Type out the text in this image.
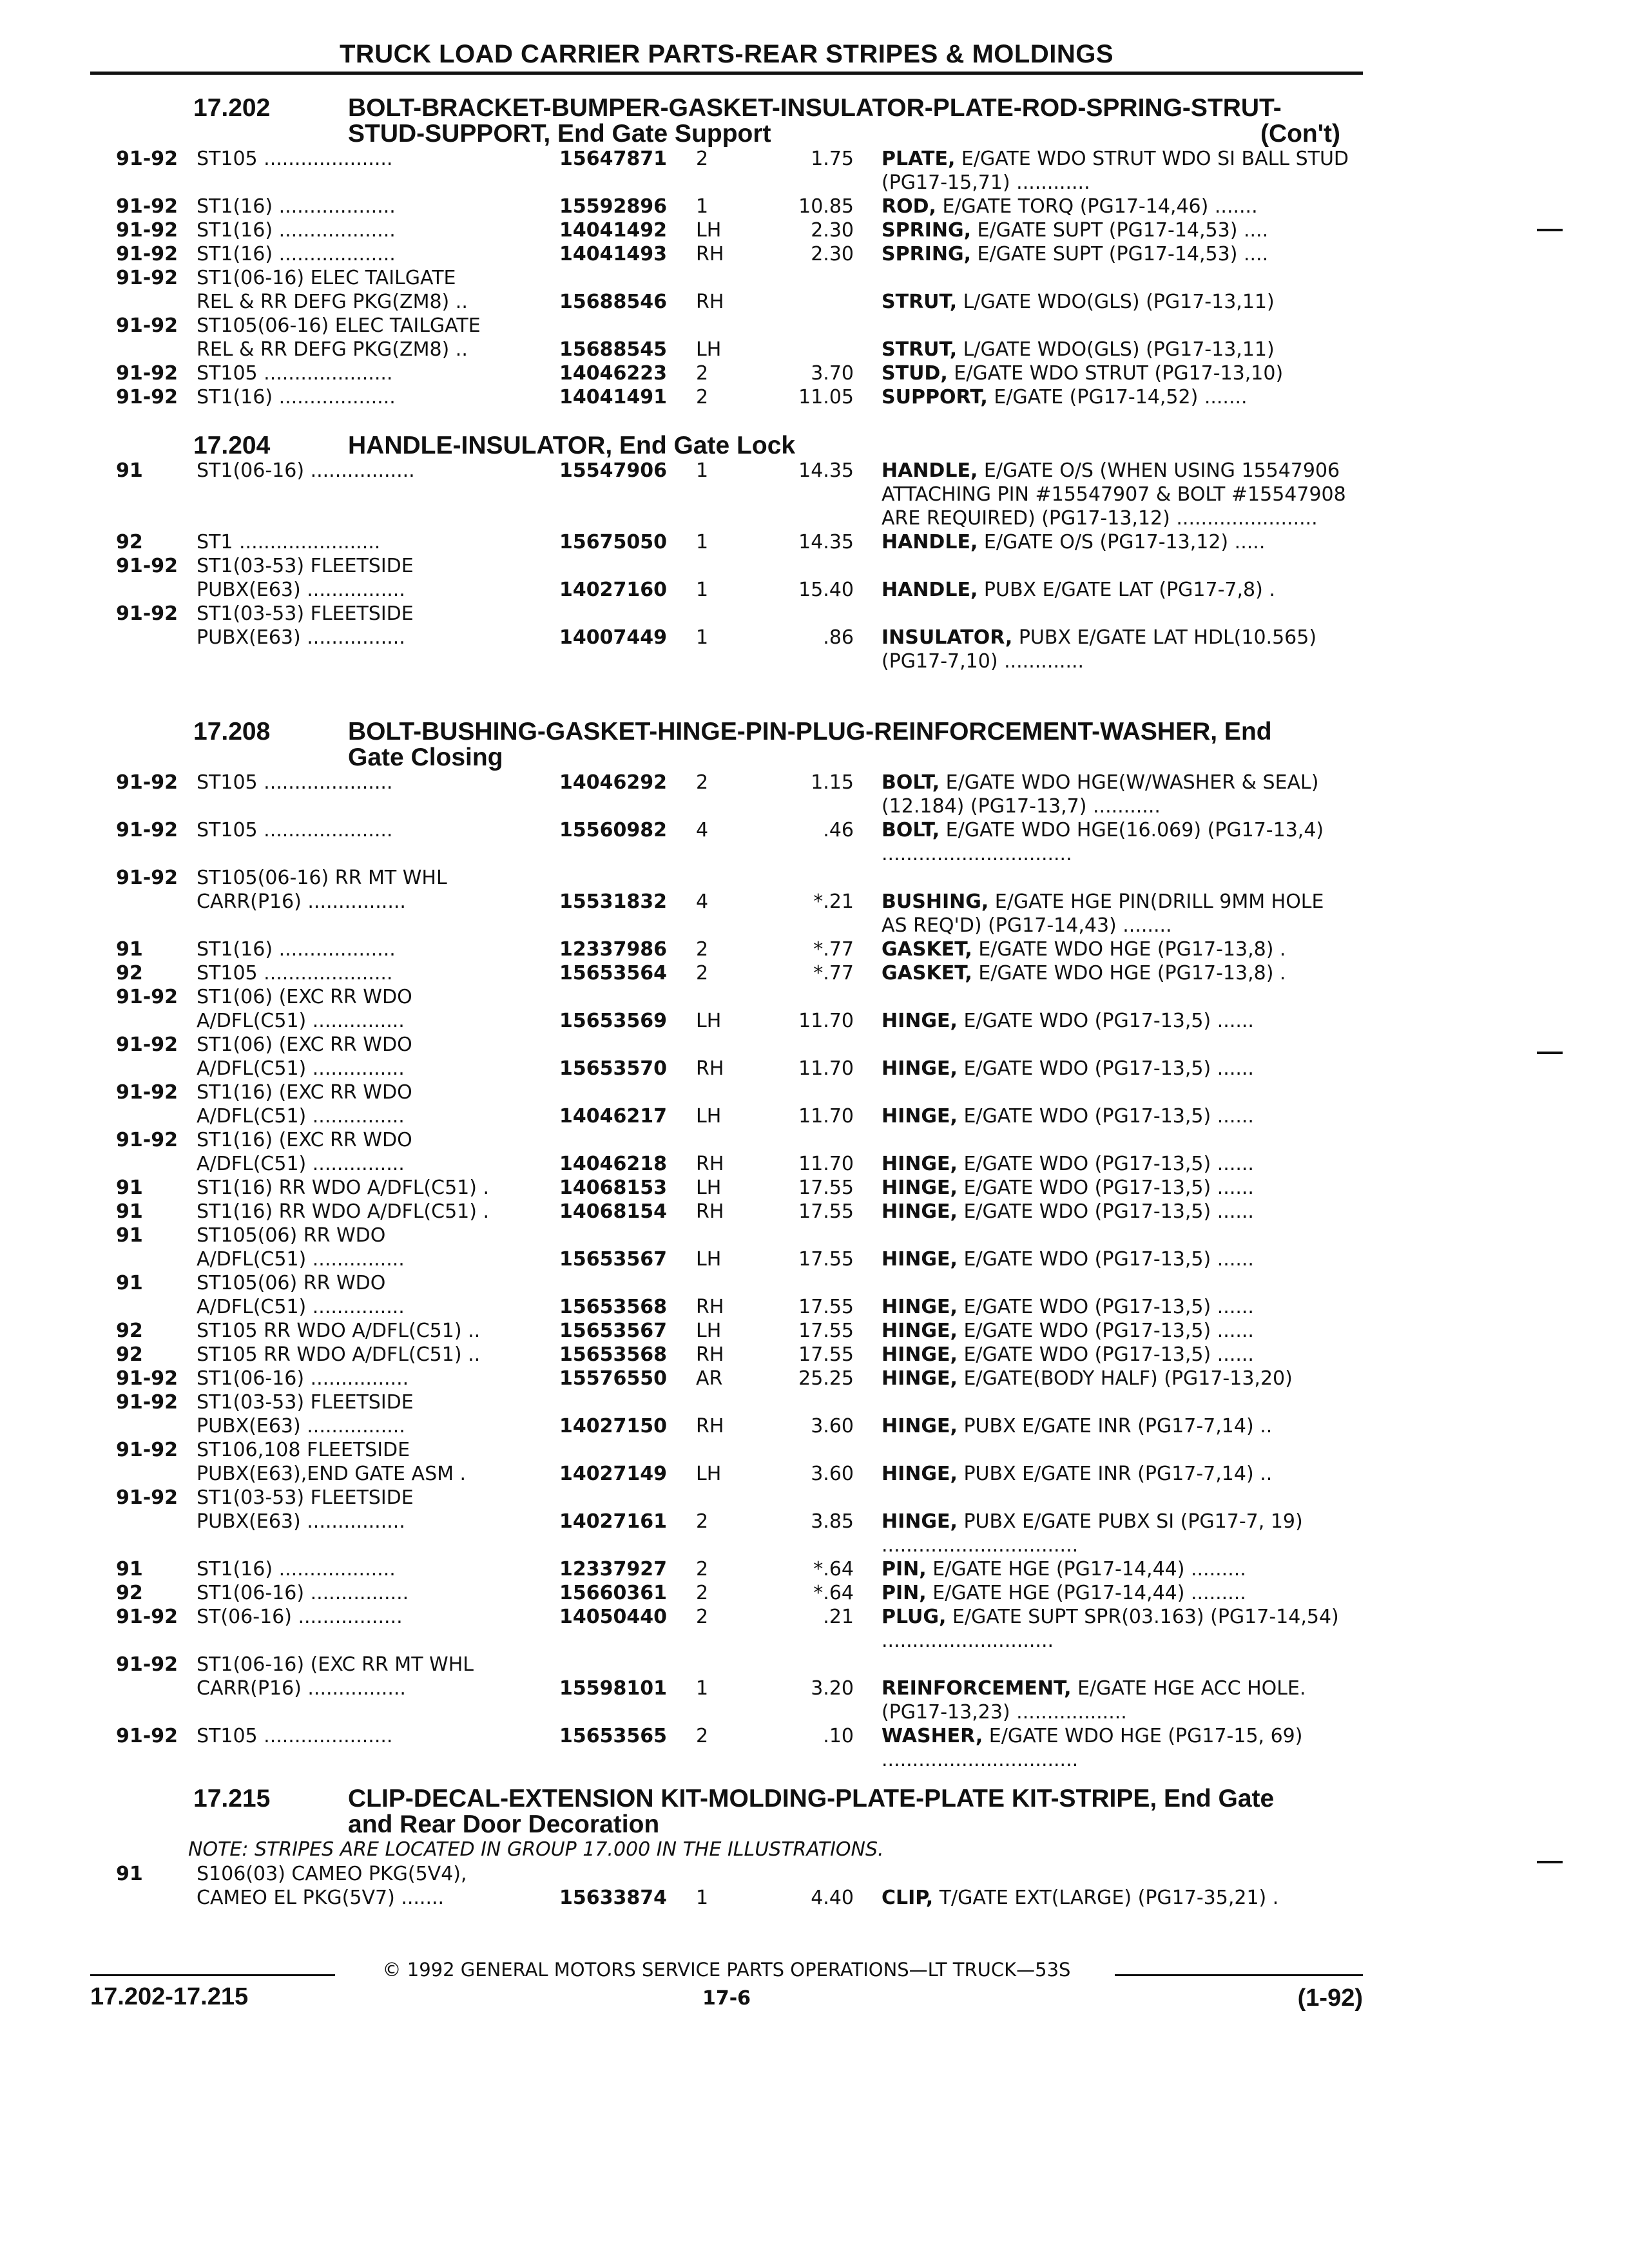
TRUCK LOAD CARRIER PARTS-REAR STRIPES & MOLDINGS
17.202	BOLT-BRACKET-BUMPER-GASKET-INSULATOR-PLATE-ROD-SPRING-STRUT-STUD-SUPPORT, End Gate Support	(Con't)
91-92 ST105 .....................	15647871 2	1.75 PLATE, E/GATE WDO STRUT WDO SI BALL STUD (PG17-15,71) ............
91-92 ST1(16) ...................	15592896 1	10.85 ROD, E/GATE TORQ (PG17-14,46) .......
91-92 ST1(16) ...................	14041492 LH	2.30 SPRING, E/GATE SUPT (PG17-14,53) ....
91-92 ST1(16) ...................	14041493 RH	2.30 SPRING, E/GATE SUPT (PG17-14,53) ....
91-92 ST1(06-16) ELEC TAILGATE
REL & RR DEFG PKG(ZM8) ..	15688546 RH	STRUT, L/GATE WDO(GLS) (PG17-13,11)
91-92 ST105(06-16) ELEC TAILGATE
REL & RR DEFG PKG(ZM8) ..	15688545 LH	STRUT, L/GATE WDO(GLS) (PG17-13,11)
91-92 ST105 .....................	14046223 2	3.70 STUD, E/GATE WDO STRUT (PG17-13,10)
91-92 ST1(16) ...................	14041491 2	11.05 SUPPORT, E/GATE (PG17-14,52) .......
17.204	HANDLE-INSULATOR, End Gate Lock
91	ST1(06-16) .................	15547906 1	14.35 HANDLE, E/GATE O/S (WHEN USING 15547906 ATTACHING PIN #15547907 & BOLT #15547908 ARE REQUIRED) (PG17-13,12) .......................
92	ST1 .......................	15675050 1	14.35 HANDLE, E/GATE O/S (PG17-13,12) .....
91-92 ST1(03-53) FLEETSIDE
PUBX(E63) ................	14027160 1	15.40 HANDLE, PUBX E/GATE LAT (PG17-7,8) .
91-92 ST1(03-53) FLEETSIDE
PUBX(E63) ................	14007449 1	.86 INSULATOR, PUBX E/GATE LAT HDL(10.565) (PG17-7,10) .............
17.208	BOLT-BUSHING-GASKET-HINGE-PIN-PLUG-REINFORCEMENT-WASHER, End Gate Closing
91-92 ST105 .....................	14046292 2	1.15 BOLT, E/GATE WDO HGE(W/WASHER & SEAL)(12.184) (PG17-13,7) ...........
91-92 ST105 .....................	15560982 4	.46 BOLT, E/GATE WDO HGE(16.069) (PG17-13,4) ...............................
91-92 ST105(06-16) RR MT WHL
CARR(P16) ................	15531832 4	*.21 BUSHING, E/GATE HGE PIN(DRILL 9MM HOLE AS REQ'D) (PG17-14,43) ........
91	ST1(16) ...................	12337986 2	*.77 GASKET, E/GATE WDO HGE (PG17-13,8) .
92	ST105 .....................	15653564 2	*.77 GASKET, E/GATE WDO HGE (PG17-13,8) .
91-92 ST1(06) (EXC RR WDO
A/DFL(C51) ...............	15653569 LH	11.70 HINGE, E/GATE WDO (PG17-13,5) ......
91-92 ST1(06) (EXC RR WDO
A/DFL(C51) ...............	15653570 RH	11.70 HINGE, E/GATE WDO (PG17-13,5) ......
91-92 ST1(16) (EXC RR WDO
A/DFL(C51) ...............	14046217 LH	11.70 HINGE, E/GATE WDO (PG17-13,5) ......
91-92 ST1(16) (EXC RR WDO
A/DFL(C51) ...............	14046218 RH	11.70 HINGE, E/GATE WDO (PG17-13,5) ......
91	ST1(16) RR WDO A/DFL(C51) .	14068153 LH	17.55 HINGE, E/GATE WDO (PG17-13,5) ......
91	ST1(16) RR WDO A/DFL(C51) .	14068154 RH	17.55 HINGE, E/GATE WDO (PG17-13,5) ......
91	ST105(06) RR WDO
A/DFL(C51) ...............	15653567 LH	17.55 HINGE, E/GATE WDO (PG17-13,5) ......
91	ST105(06) RR WDO
A/DFL(C51) ...............	15653568 RH	17.55 HINGE, E/GATE WDO (PG17-13,5) ......
92	ST105 RR WDO A/DFL(C51) ..	15653567 LH	17.55 HINGE, E/GATE WDO (PG17-13,5) ......
92	ST105 RR WDO A/DFL(C51) ..	15653568 RH	17.55 HINGE, E/GATE WDO (PG17-13,5) ......
91-92 ST1(06-16) ................	15576550 AR	25.25 HINGE, E/GATE(BODY HALF) (PG17-13,20)
91-92 ST1(03-53) FLEETSIDE
PUBX(E63) ................	14027150 RH	3.60 HINGE, PUBX E/GATE INR (PG17-7,14) ..
91-92 ST106,108 FLEETSIDE
PUBX(E63),END GATE ASM .	14027149 LH	3.60 HINGE, PUBX E/GATE INR (PG17-7,14) ..
91-92 ST1(03-53) FLEETSIDE
PUBX(E63) ................	14027161 2	3.85 HINGE, PUBX E/GATE PUBX SI (PG17-7, 19) ................................
91	ST1(16) ...................	12337927 2	*.64 PIN, E/GATE HGE (PG17-14,44) .........
92	ST1(06-16) ................	15660361 2	*.64 PIN, E/GATE HGE (PG17-14,44) .........
91-92 ST(06-16) .................	14050440 2	.21 PLUG, E/GATE SUPT SPR(03.163) (PG17-14,54) ............................
91-92 ST1(06-16) (EXC RR MT WHL
CARR(P16) ................	15598101 1	3.20 REINFORCEMENT, E/GATE HGE ACC HOLE. (PG17-13,23) ..................
91-92 ST105 .....................	15653565 2	.10 WASHER, E/GATE WDO HGE (PG17-15, 69) ................................
17.215	CLIP-DECAL-EXTENSION KIT-MOLDING-PLATE-PLATE KIT-STRIPE, End Gate and Rear Door Decoration
NOTE: STRIPES ARE LOCATED IN GROUP 17.000 IN THE ILLUSTRATIONS.
91	S106(03) CAMEO PKG(5V4),
CAMEO EL PKG(5V7) .......	15633874 1	4.40 CLIP, T/GATE EXT(LARGE) (PG17-35,21) .
© 1992 GENERAL MOTORS SERVICE PARTS OPERATIONS—LT TRUCK—53S
17.202-17.215	17-6	(1-92)
